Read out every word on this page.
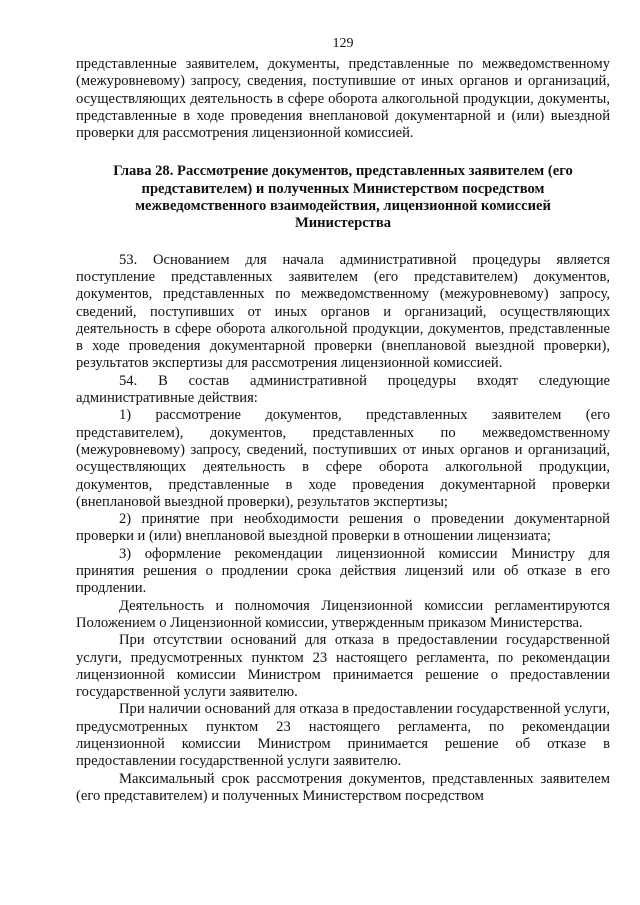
129

представленные заявителем, документы, представленные по межведомственному (межуровневому) запросу, сведения, поступившие от иных органов и организаций, осуществляющих деятельность в сфере оборота алкогольной продукции, документы, представленные в ходе проведения внеплановой документарной и (или) выездной проверки для рассмотрения лицензионной комиссией.

Глава 28. Рассмотрение документов, представленных заявителем (его представителем) и полученных Министерством посредством межведомственного взаимодействия, лицензионной комиссией Министерства

53. Основанием для начала административной процедуры является поступление представленных заявителем (его представителем) документов, документов, представленных по межведомственному (межуровневому) запросу, сведений, поступивших от иных органов и организаций, осуществляющих деятельность в сфере оборота алкогольной продукции, документов, представленные в ходе проведения документарной проверки (внеплановой выездной проверки), результатов экспертизы для рассмотрения лицензионной комиссией.

54. В состав административной процедуры входят следующие административные действия:

1) рассмотрение документов, представленных заявителем (его представителем), документов, представленных по межведомственному (межуровневому) запросу, сведений, поступивших от иных органов и организаций, осуществляющих деятельность в сфере оборота алкогольной продукции, документов, представленные в ходе проведения документарной проверки (внеплановой выездной проверки), результатов экспертизы;

2) принятие при необходимости решения о проведении документарной проверки и (или) внеплановой выездной проверки в отношении лицензиата;

3) оформление рекомендации лицензионной комиссии Министру для принятия решения о продлении срока действия лицензий или об отказе в его продлении.

Деятельность и полномочия Лицензионной комиссии регламентируются Положением о Лицензионной комиссии, утвержденным приказом Министерства.

При отсутствии оснований для отказа в предоставлении государственной услуги, предусмотренных пунктом 23 настоящего регламента, по рекомендации лицензионной комиссии Министром принимается решение о предоставлении государственной услуги заявителю.

При наличии оснований для отказа в предоставлении государственной услуги, предусмотренных пунктом 23 настоящего регламента, по рекомендации лицензионной комиссии Министром принимается решение об отказе в предоставлении государственной услуги заявителю.

Максимальный срок рассмотрения документов, представленных заявителем (его представителем) и полученных Министерством посредством
